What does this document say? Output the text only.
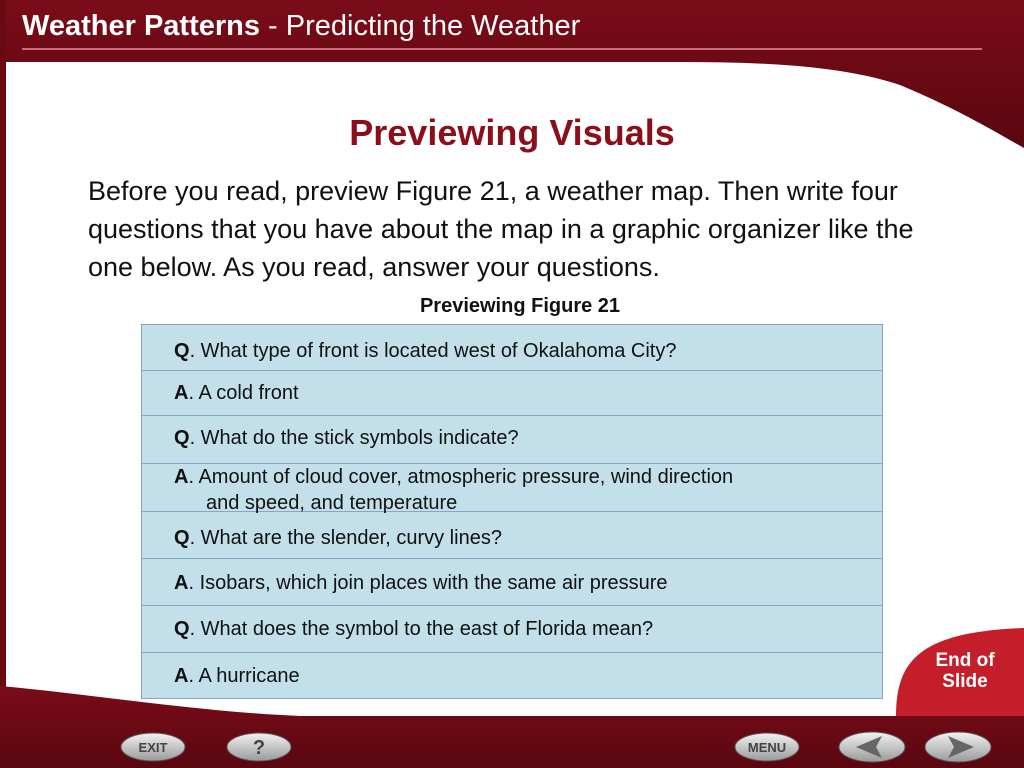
Weather Patterns - Predicting the Weather
Previewing Visuals
Before you read, preview Figure 21, a weather map. Then write four questions that you have about the map in a graphic organizer like the one below. As you read, answer your questions.
Previewing Figure 21
Q. What type of front is located west of Okalahoma City?
A. A cold front
Q. What do the stick symbols indicate?
A. Amount of cloud cover, atmospheric pressure, wind direction
and speed, and temperature
Q. What are the slender, curvy lines?
A. Isobars, which join places with the same air pressure
Q. What does the symbol to the east of Florida mean?
A. A hurricane
End of
Slide
EXIT	?	MENU
